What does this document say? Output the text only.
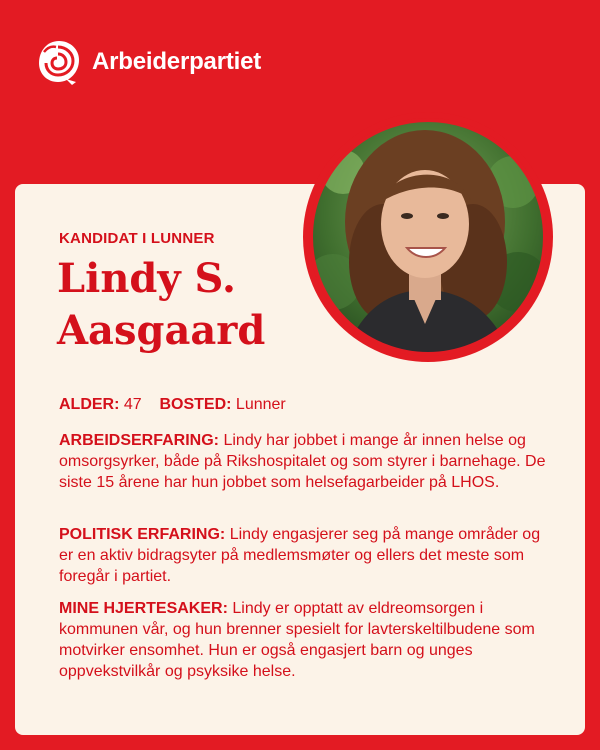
Arbeiderpartiet
KANDIDAT I LUNNER
Lindy S.
Aasgaard
ALDER: 47 BOSTED: Lunner
ARBEIDSERFARING: Lindy har jobbet i mange år innen helse og omsorgsyrker, både på Rikshospitalet og som styrer i barnehage. De siste 15 årene har hun jobbet som helsefagarbeider på LHOS.
POLITISK ERFARING: Lindy engasjerer seg på mange områder og er en aktiv bidragsyter på medlemsmøter og ellers det meste som foregår i partiet.
MINE HJERTESAKER: Lindy er opptatt av eldreomsorgen i kommunen vår, og hun brenner spesielt for lavterskeltilbudene som motvirker ensomhet. Hun er også engasjert barn og unges oppvekstvilkår og psyksike helse.
